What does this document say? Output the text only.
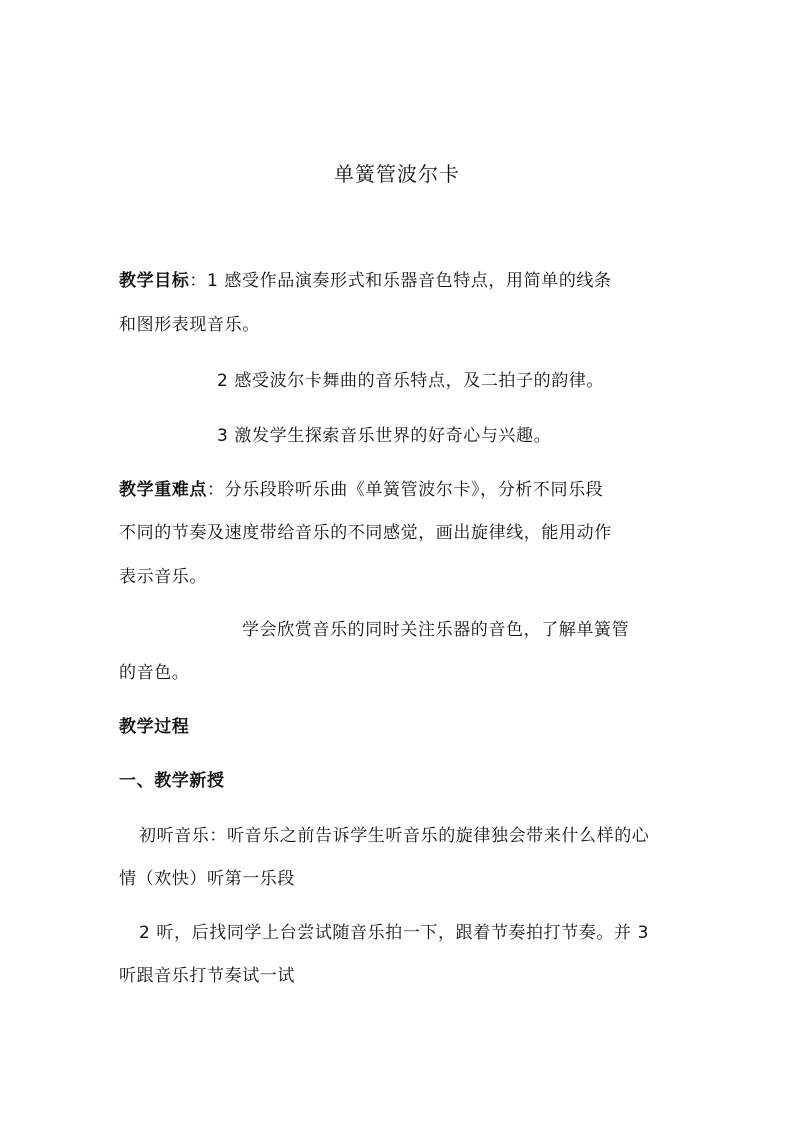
单簧管波尔卡
教学目标：1 感受作品演奏形式和乐器音色特点，用简单的线条
和图形表现音乐。
2 感受波尔卡舞曲的音乐特点，及二拍子的韵律。
3 激发学生探索音乐世界的好奇心与兴趣。
教学重难点：分乐段聆听乐曲《单簧管波尔卡》，分析不同乐段
不同的节奏及速度带给音乐的不同感觉，画出旋律线，能用动作
表示音乐。
学会欣赏音乐的同时关注乐器的音色，了解单簧管
的音色。
教学过程
一、教学新授
初听音乐：听音乐之前告诉学生听音乐的旋律独会带来什么样的心
情（欢快）听第一乐段
2 听，后找同学上台尝试随音乐拍一下，跟着节奏拍打节奏。并 3
听跟音乐打节奏试一试
